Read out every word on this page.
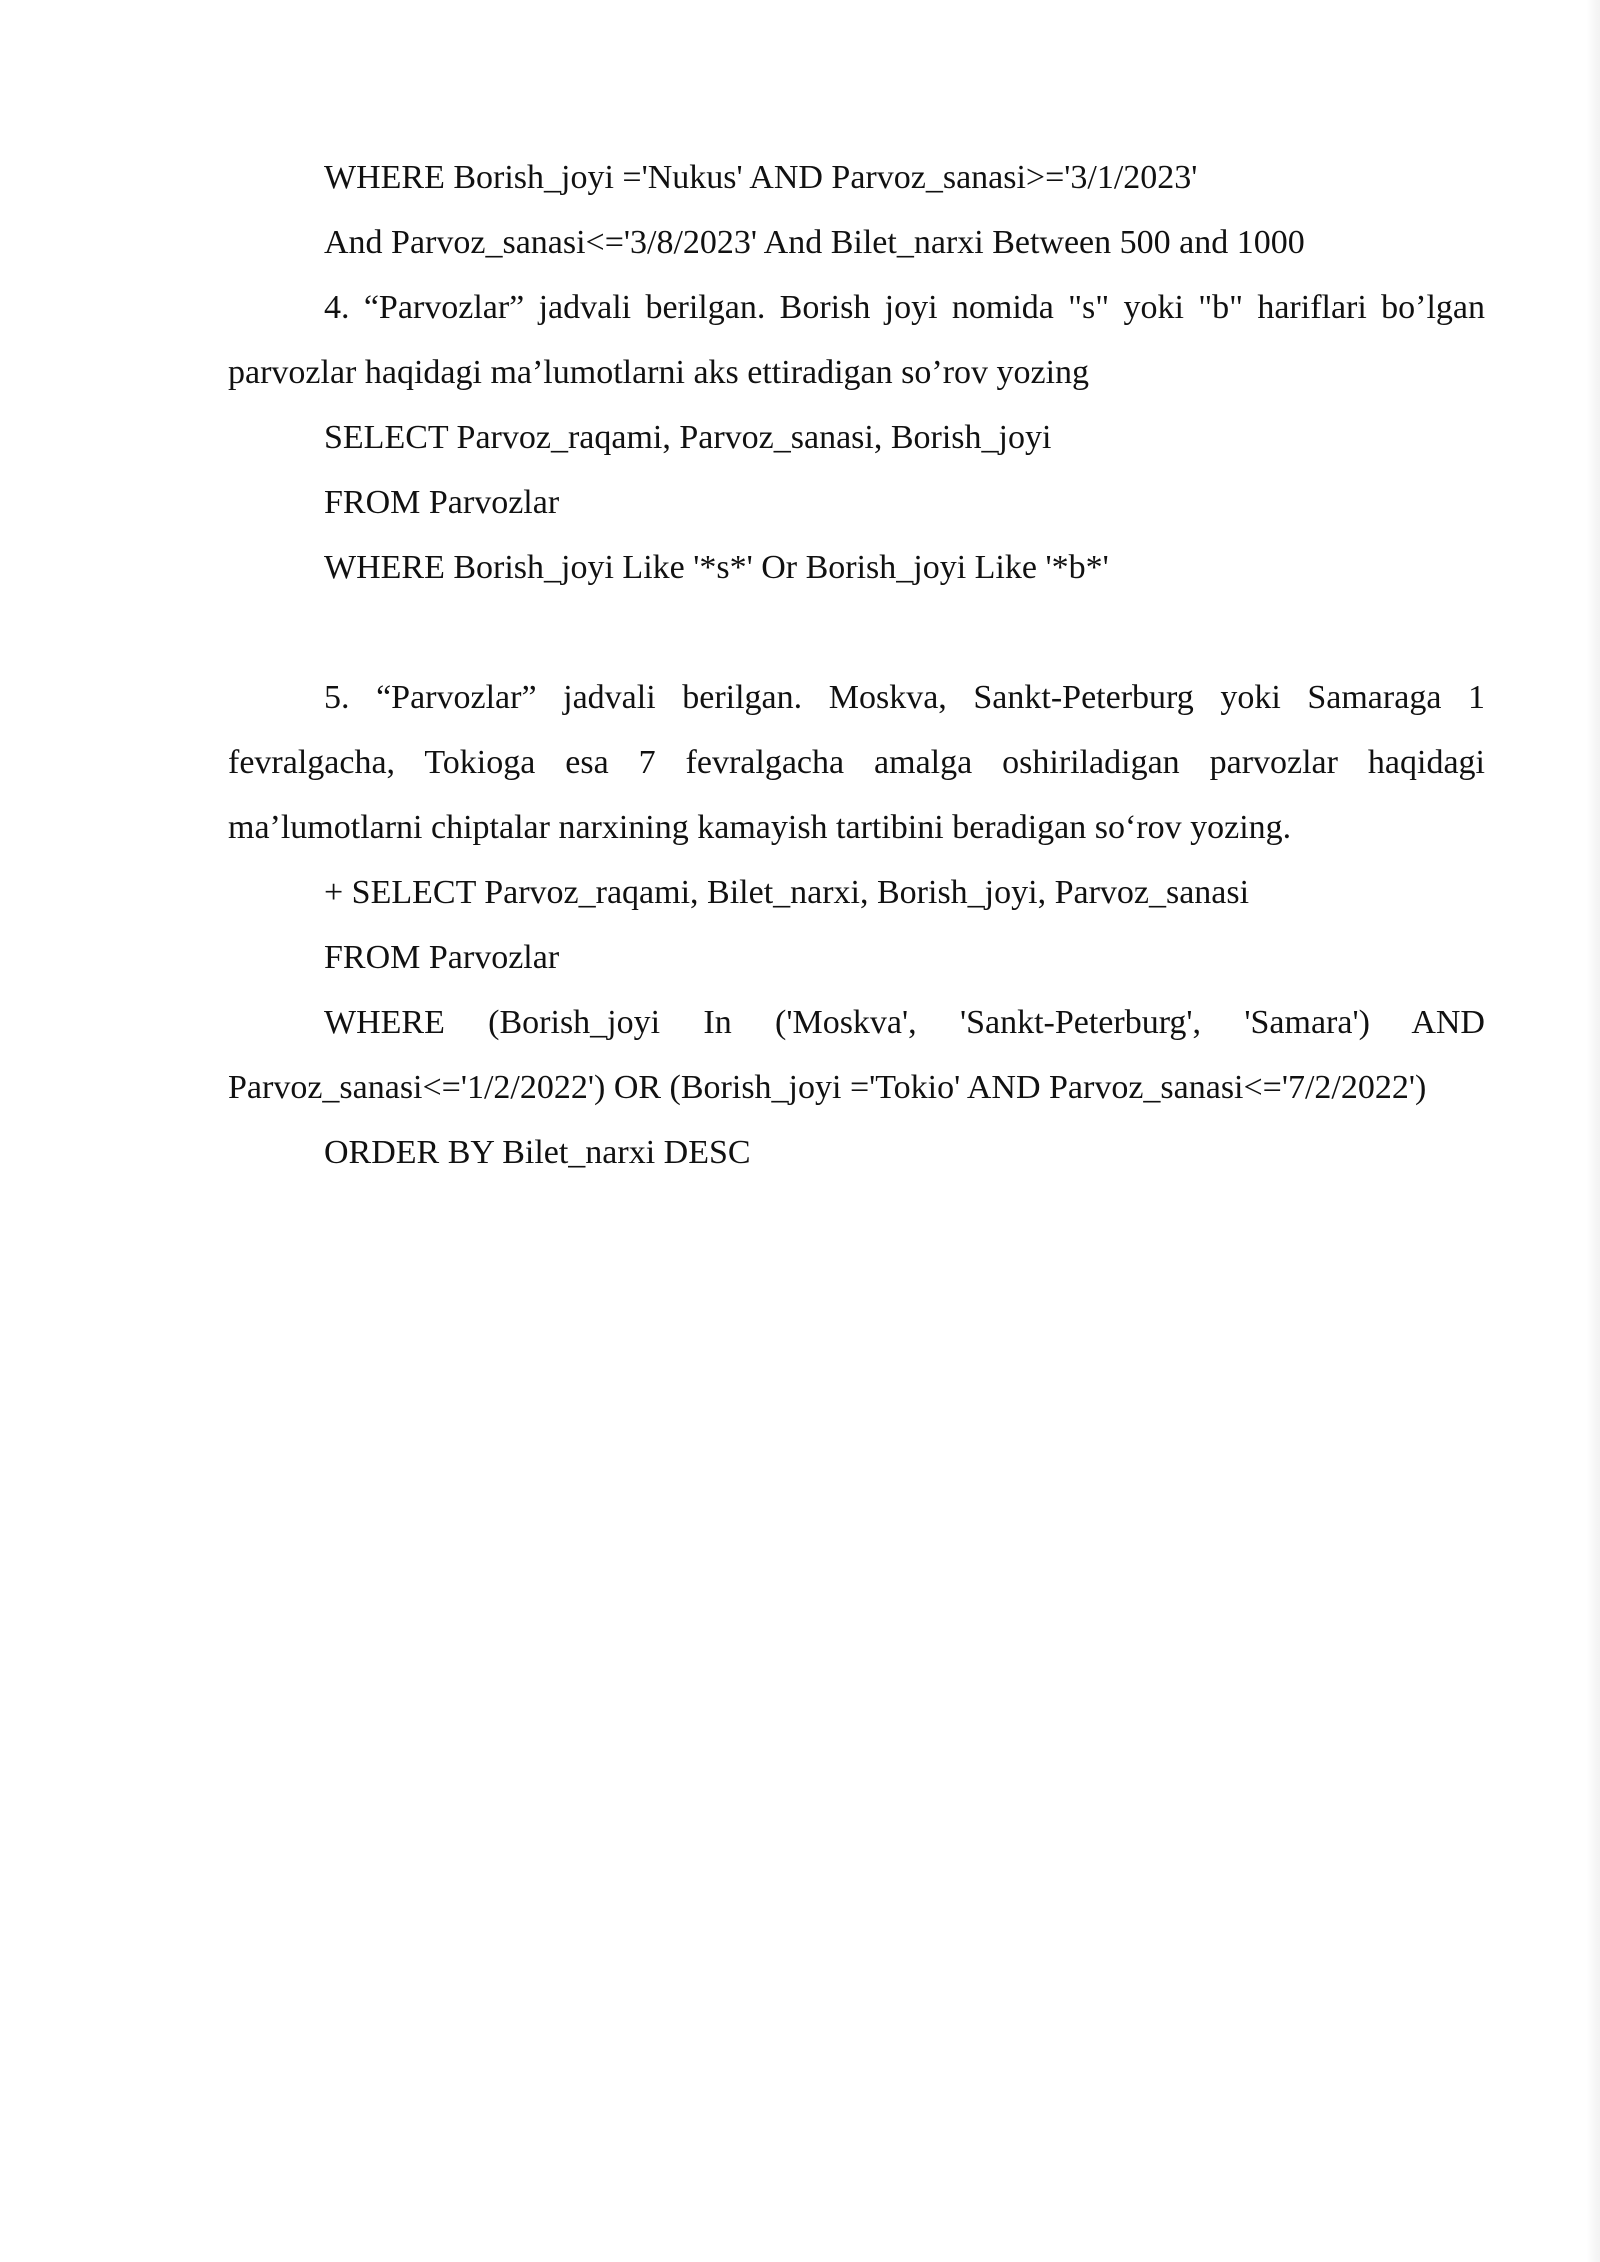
WHERE Borish_joyi ='Nukus' AND Parvoz_sanasi>='3/1/2023'

And Parvoz_sanasi<='3/8/2023' And Bilet_narxi Between 500 and 1000

4. “Parvozlar” jadvali berilgan. Borish joyi nomida "s" yoki "b" hariflari bo’lgan parvozlar haqidagi ma’lumotlarni aks ettiradigan so’rov yozing

SELECT Parvoz_raqami, Parvoz_sanasi, Borish_joyi

FROM Parvozlar

WHERE Borish_joyi Like '*s*' Or Borish_joyi Like '*b*'

5. “Parvozlar” jadvali berilgan. Moskva, Sankt-Peterburg yoki Samaraga 1 fevralgacha, Tokioga esa 7 fevralgacha amalga oshiriladigan parvozlar haqidagi ma’lumotlarni chiptalar narxining kamayish tartibini beradigan so‘rov yozing.

+ SELECT Parvoz_raqami, Bilet_narxi, Borish_joyi, Parvoz_sanasi

FROM Parvozlar

WHERE (Borish_joyi In ('Moskva', 'Sankt-Peterburg', 'Samara') AND Parvoz_sanasi<='1/2/2022') OR (Borish_joyi ='Tokio' AND Parvoz_sanasi<='7/2/2022')

ORDER BY Bilet_narxi DESC
